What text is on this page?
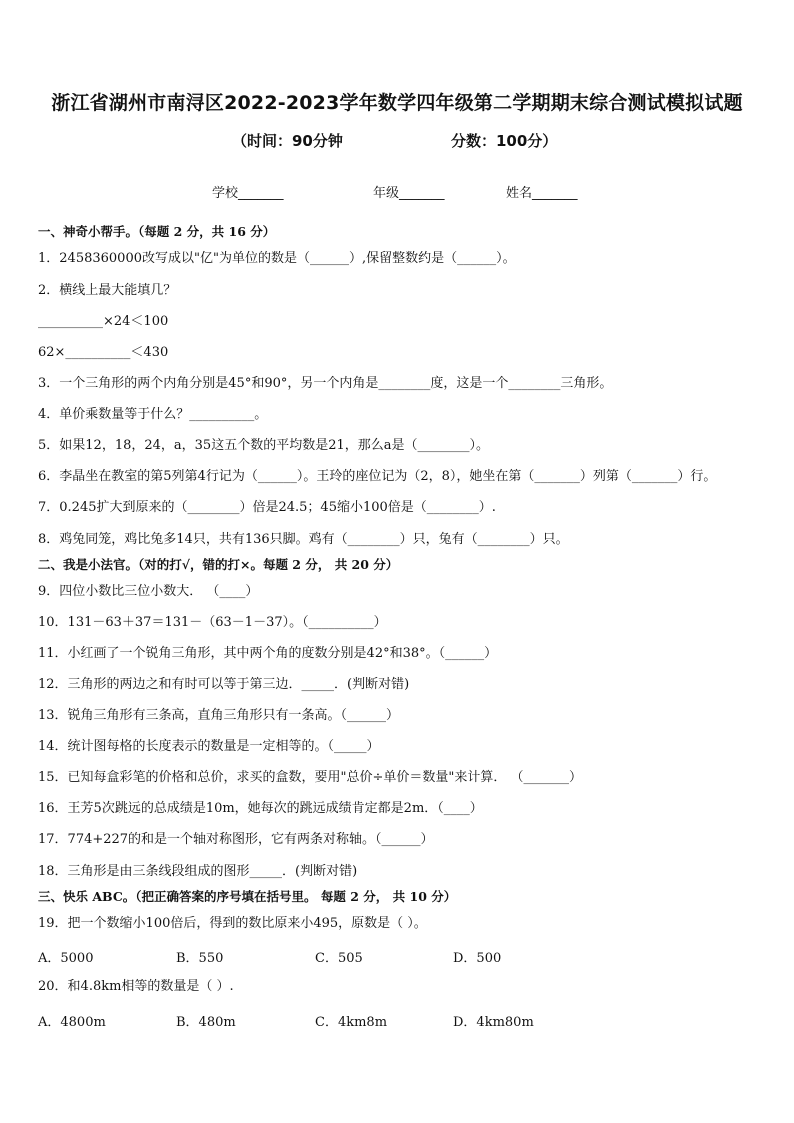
浙江省湖州市南浔区2022-2023学年数学四年级第二学期期末综合测试模拟试题
（时间：90分钟	分数：100分）
学校_______	年级_______	姓名_______
一、神奇小帮手。（每题 2 分，共 16 分）
1．2458360000改写成以"亿"为单位的数是（______）,保留整数约是（______）。
2．横线上最大能填几？
__________×24＜100
62×__________＜430
3．一个三角形的两个内角分别是45°和90°，另一个内角是________度，这是一个________三角形。
4．单价乘数量等于什么？__________。
5．如果12，18，24，a，35这五个数的平均数是21，那么a是（________）。
6．李晶坐在教室的第5列第4行记为（______）。王玲的座位记为（2，8），她坐在第（_______）列第（_______）行。
7．0.245扩大到原来的（________）倍是24.5；45缩小100倍是（________）.
8．鸡兔同笼，鸡比兔多14只，共有136只脚。鸡有（________）只，兔有（________）只。
二、我是小法官。（对的打√，错的打×。每题 2 分， 共 20 分）
9．四位小数比三位小数大． （____）
10．131－63＋37＝131－（63－1－37）。（__________）
11．小红画了一个锐角三角形，其中两个角的度数分别是42°和38°。（______）
12．三角形的两边之和有时可以等于第三边．_____．(判断对错)
13．锐角三角形有三条高，直角三角形只有一条高。（______）
14．统计图每格的长度表示的数量是一定相等的。（_____）
15．已知每盒彩笔的价格和总价，求买的盒数，要用"总价÷单价＝数量"来计算． （_______）
16．王芳5次跳远的总成绩是10m，她每次的跳远成绩肯定都是2m．（____）
17．774+227的和是一个轴对称图形，它有两条对称轴。（______）
18．三角形是由三条线段组成的图形_____．(判断对错)
三、快乐 ABC。（把正确答案的序号填在括号里。 每题 2 分， 共 10 分）
19．把一个数缩小100倍后，得到的数比原来小495，原数是（ ）。
A．5000	B．550	C．505	D．500
20．和4.8km相等的数量是（ ）.
A．4800m	B．480m	C．4km8m	D．4km80m
